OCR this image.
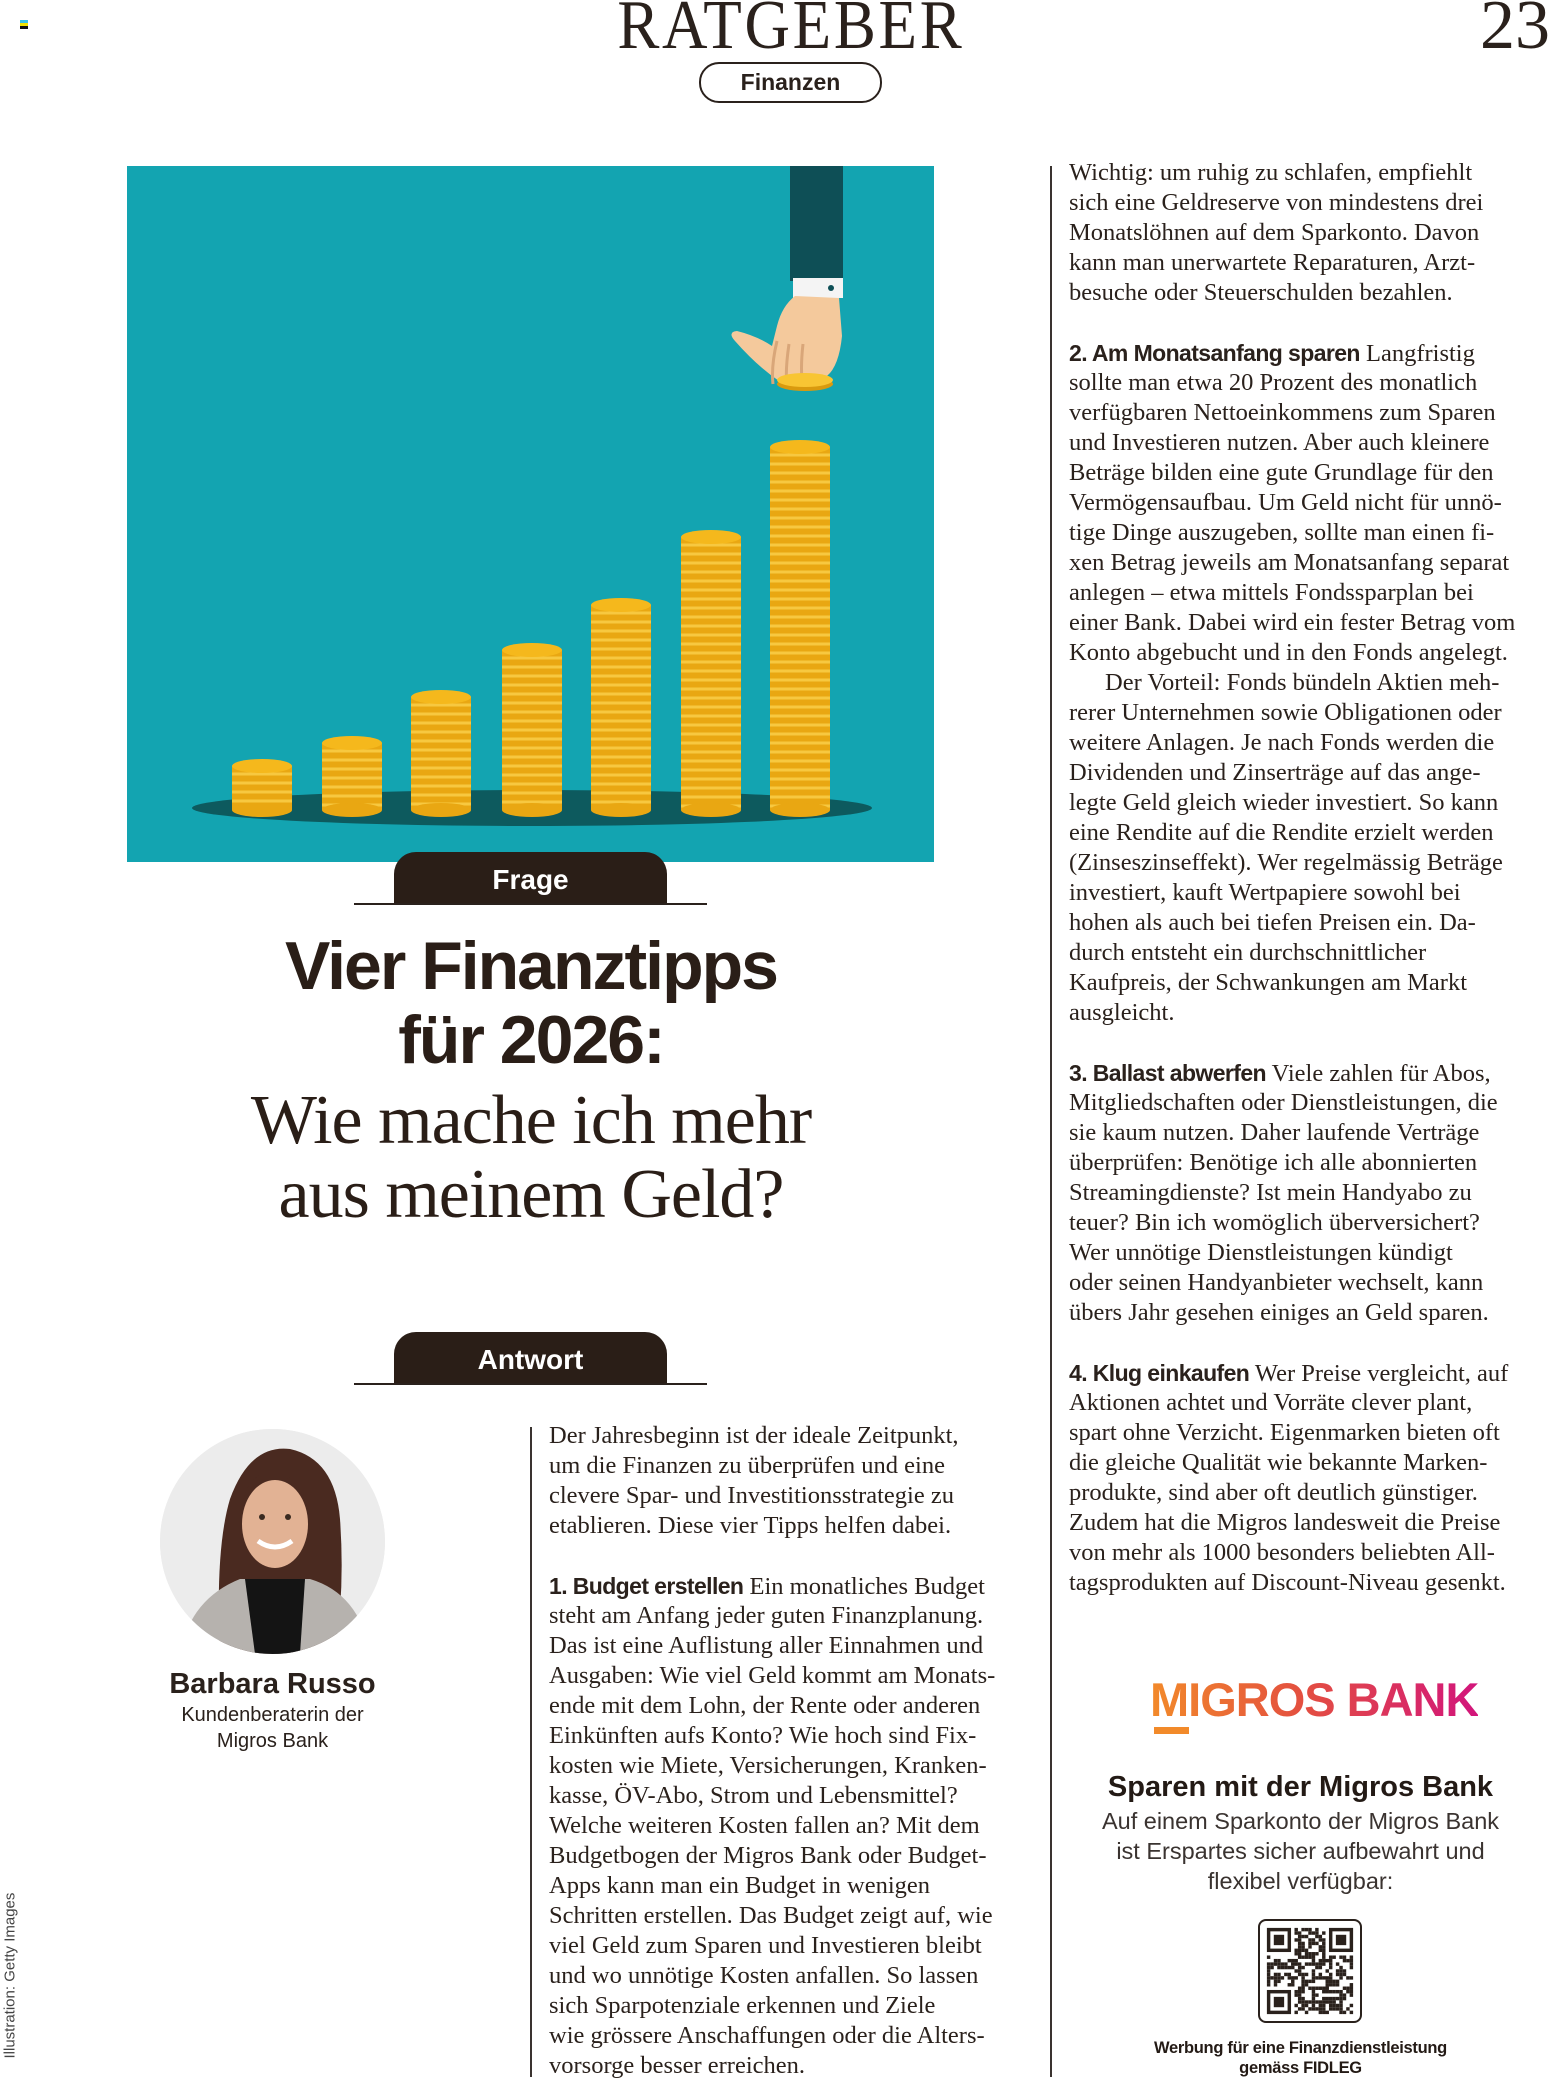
RATGEBER	23
Finanzen
Frage
Vier Finanztipps
für 2026:
Wie mache ich mehr
aus meinem Geld?
Antwort
Barbara Russo
Kundenberaterin der
Migros Bank
Illustration: Getty Images
Der Jahresbeginn ist der ideale Zeitpunkt,
um die Finanzen zu überprüfen und eine
clevere Spar- und Investitionsstrategie zu
etablieren. Diese vier Tipps helfen dabei.
1. Budget erstellen Ein monatliches Budget
steht am Anfang jeder guten Finanzplanung.
Das ist eine Auflistung aller Einnahmen und
Ausgaben: Wie viel Geld kommt am Monats-
ende mit dem Lohn, der Rente oder anderen
Einkünften aufs Konto? Wie hoch sind Fix-
kosten wie Miete, Versicherungen, Kranken-
kasse, ÖV-Abo, Strom und Lebensmittel?
Welche weiteren Kosten fallen an? Mit dem
Budgetbogen der Migros Bank oder Budget-
Apps kann man ein Budget in wenigen
Schritten erstellen. Das Budget zeigt auf, wie
viel Geld zum Sparen und Investieren bleibt
und wo unnötige Kosten anfallen. So lassen
sich Sparpotenziale erkennen und Ziele
wie grössere Anschaffungen oder die Alters-
vorsorge besser erreichen.
Wichtig: um ruhig zu schlafen, empfiehlt
sich eine Geldreserve von mindestens drei
Monatslöhnen auf dem Sparkonto. Davon
kann man unerwartete Reparaturen, Arzt-
besuche oder Steuerschulden bezahlen.
2. Am Monatsanfang sparen Langfristig
sollte man etwa 20 Prozent des monatlich
verfügbaren Nettoeinkommens zum Sparen
und Investieren nutzen. Aber auch kleinere
Beträge bilden eine gute Grundlage für den
Vermögensaufbau. Um Geld nicht für unnö-
tige Dinge auszugeben, sollte man einen fi-
xen Betrag jeweils am Monatsanfang separat
anlegen – etwa mittels Fondssparplan bei
einer Bank. Dabei wird ein fester Betrag vom
Konto abgebucht und in den Fonds angelegt.
Der Vorteil: Fonds bündeln Aktien meh-
rerer Unternehmen sowie Obligationen oder
weitere Anlagen. Je nach Fonds werden die
Dividenden und Zinserträge auf das ange-
legte Geld gleich wieder investiert. So kann
eine Rendite auf die Rendite erzielt werden
(Zinseszinseffekt). Wer regelmässig Beträge
investiert, kauft Wertpapiere sowohl bei
hohen als auch bei tiefen Preisen ein. Da-
durch entsteht ein durchschnittlicher
Kaufpreis, der Schwankungen am Markt
ausgleicht.
3. Ballast abwerfen Viele zahlen für Abos,
Mitgliedschaften oder Dienstleistungen, die
sie kaum nutzen. Daher laufende Verträge
überprüfen: Benötige ich alle abonnierten
Streamingdienste? Ist mein Handyabo zu
teuer? Bin ich womöglich überversichert?
Wer unnötige Dienstleistungen kündigt
oder seinen Handyanbieter wechselt, kann
übers Jahr gesehen einiges an Geld sparen.
4. Klug einkaufen Wer Preise vergleicht, auf
Aktionen achtet und Vorräte clever plant,
spart ohne Verzicht. Eigenmarken bieten oft
die gleiche Qualität wie bekannte Marken-
produkte, sind aber oft deutlich günstiger.
Zudem hat die Migros landesweit die Preise
von mehr als 1000 besonders beliebten All-
tagsprodukten auf Discount-Niveau gesenkt.
MIGROS BANK
Sparen mit der Migros Bank
Auf einem Sparkonto der Migros Bank
ist Erspartes sicher aufbewahrt und
flexibel verfügbar:
Werbung für eine Finanzdienstleistung
gemäss FIDLEG
